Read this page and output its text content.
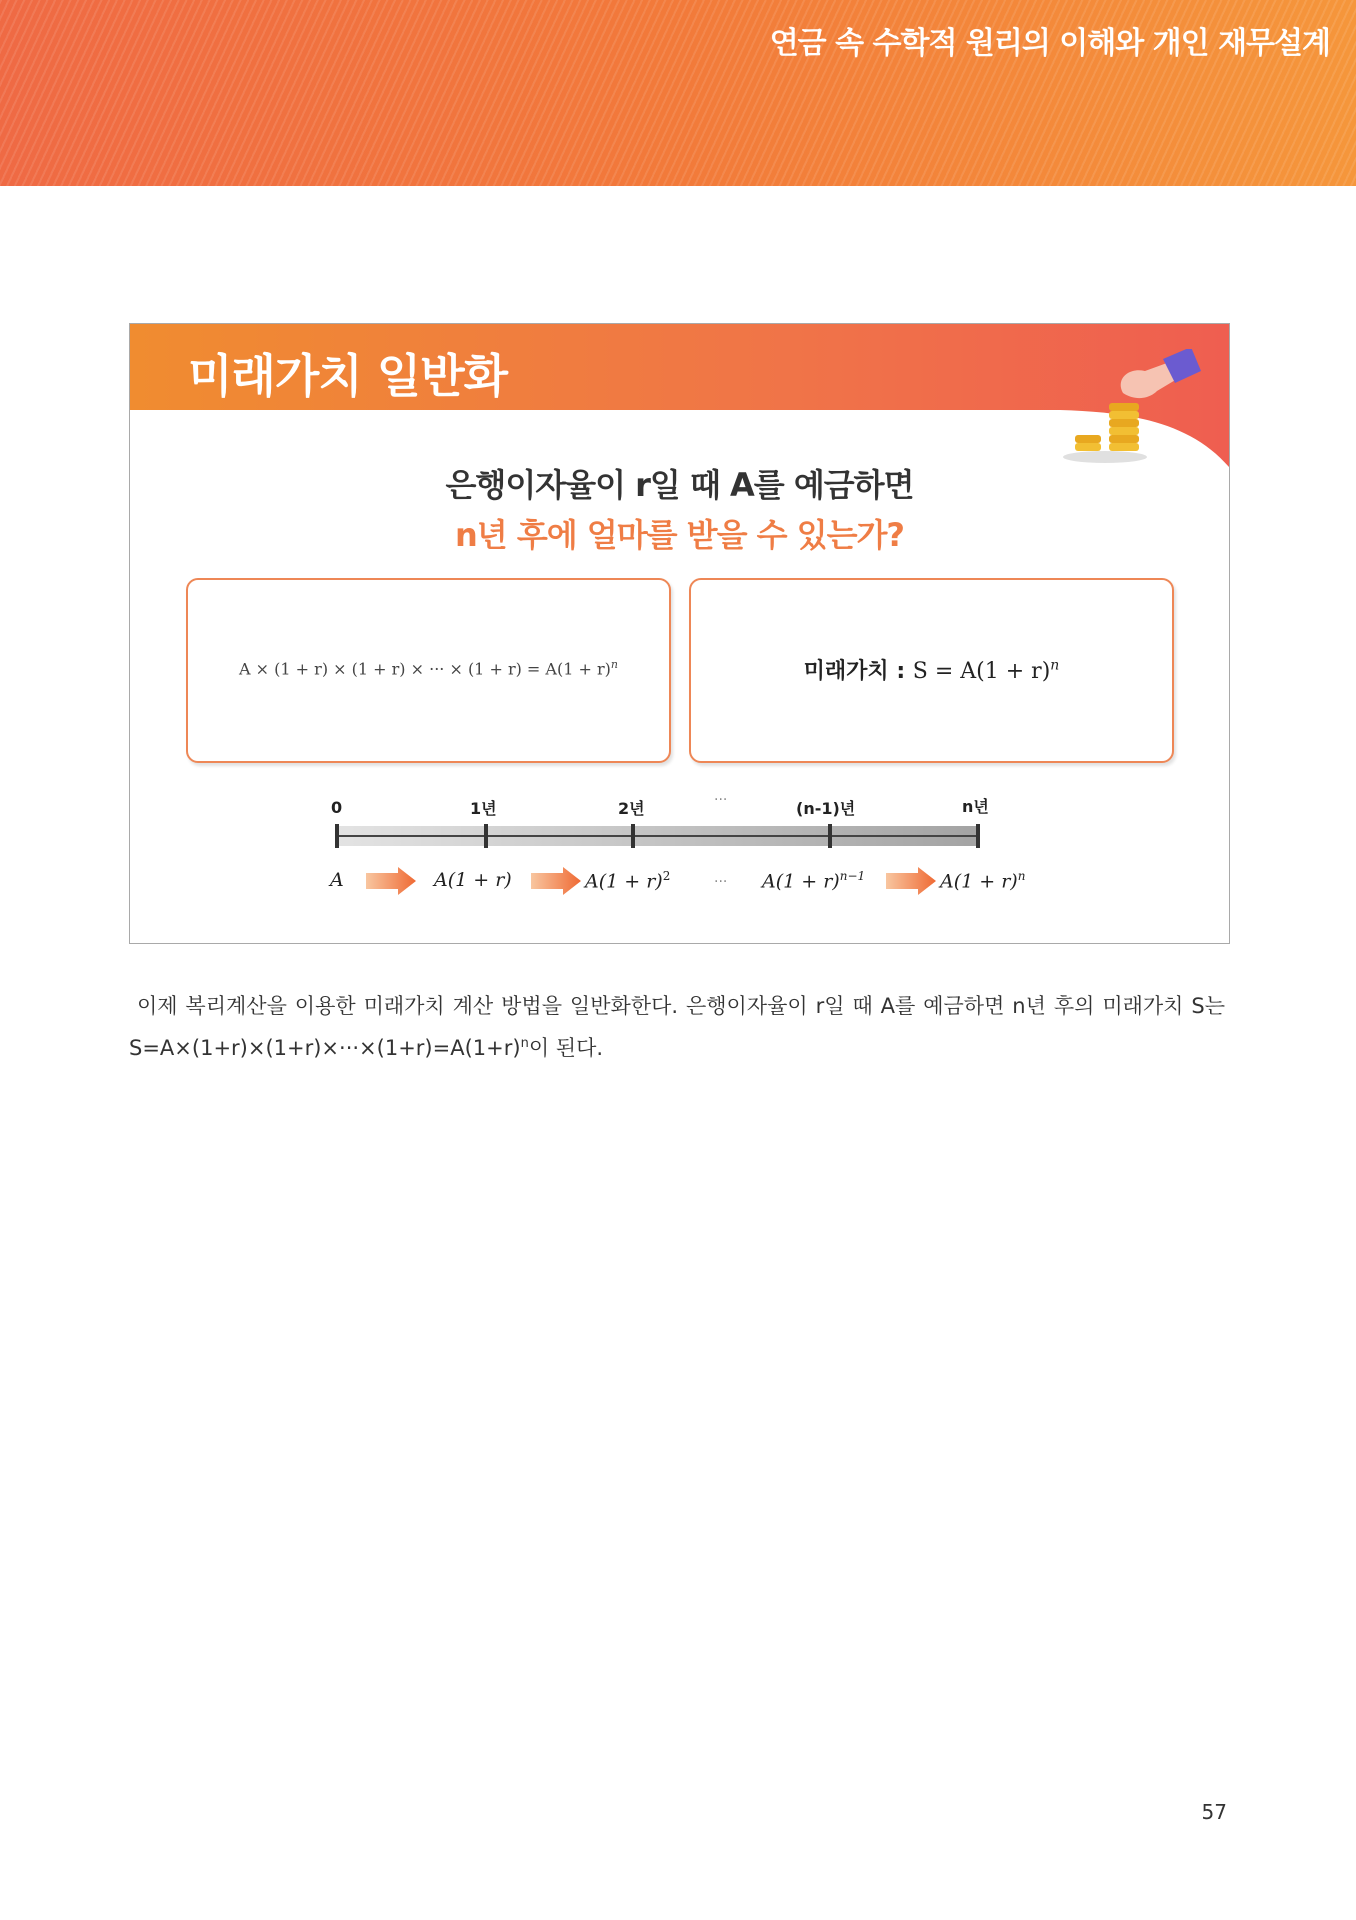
연금 속 수학적 원리의 이해와 개인 재무설계
미래가치 일반화
은행이자율이 r일 때 A를 예금하면
n년 후에 얼마를 받을 수 있는가?
A × (1 + r) × (1 + r) × ··· × $(1 + r) = A(1 + r)^n$	미래가치 : $S = A(1 + r)^n$
0	1년	2년	···	(n-1)년	n년
A	A(1 + r)	$A(1 + r)^2$	··· $A(1 + r)^{n-1}$	$A(1 + r)^n$
이제 복리계산을 이용한 미래가치 계산 방법을 일반화한다. 은행이자율이 r일 때 A를 예금하면 n년 후의 미래가치 S는 $S=A\times(1+r)\times(1+r)\times\cdot\cdot\cdot\times(1+r)=A(1+r)^n$이 된다.
57
